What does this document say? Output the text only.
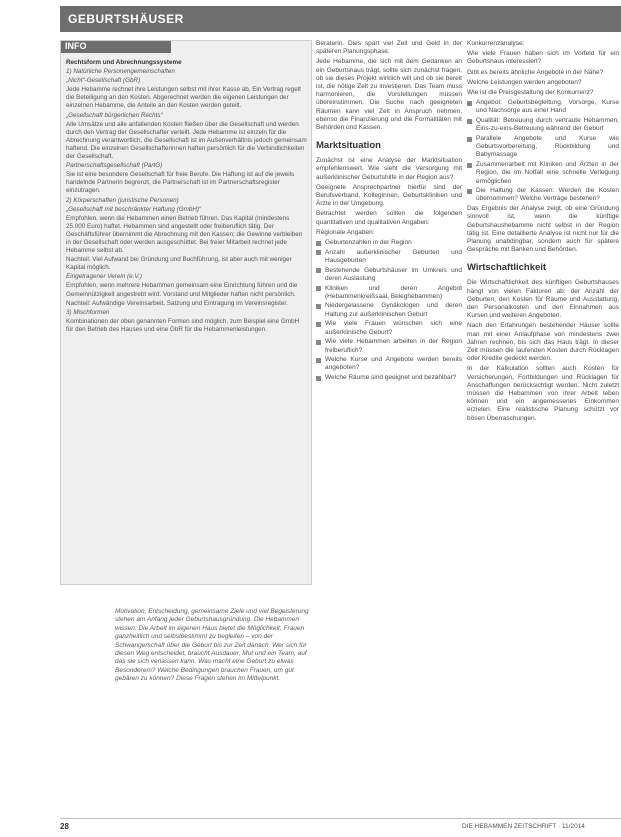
GEBURTSHÄUSER
INFO

Rechtsform und Abrechnungssysteme

1) Natürliche Personengemeinschaften

„Nicht“-Gesellschaft (GbR)

Jede Hebamme rechnet ihre Leistungen selbst mit ihrer Kasse ab. Ein Vertrag regelt die Beteiligung an den Kosten. Abgerechnet werden die eigenen Leistungen der einzelnen Hebamme, die Anteile an den Kosten werden geteilt.

„Gesellschaft bürgerlichen Rechts“

Alle Umsätze und alle anfallenden Kosten fließen über die Gesellschaft und werden durch den Vertrag der Gesellschafter verteilt. Jede Hebamme ist einzeln für die Abrechnung verantwortlich, die Gesellschaft ist im Außenverhältnis jedoch gemeinsam haftend. Die einzelnen Gesellschafterinnen haften persönlich für die Verbindlichkeiten der Gesellschaft.

Partnerschaftsgesellschaft (PartG)

Sie ist eine besondere Gesellschaft für freie Berufe. Die Haftung ist auf die jeweils handelnde Partnerin begrenzt, die Partnerschaft ist im Partnerschaftsregister einzutragen.

2) Körperschaften (juristische Personen)

„Gesellschaft mit beschränkter Haftung (GmbH)“

Empfohlen, wenn die Hebammen einen Betrieb führen. Das Kapital (mindestens 25.000 Euro) haftet. Hebammen sind angestellt oder freiberuflich tätig. Der Geschäftsführer übernimmt die Abrechnung mit den Kassen; die Gewinne verbleiben in der Gesellschaft oder werden ausgeschüttet. Bei freier Mitarbeit rechnet jede Hebamme selbst ab.

Nachteil: Viel Aufwand bei Gründung und Buchführung, ist aber auch mit weniger Kapital möglich.

Eingetragener Verein (e.V.)

Empfohlen, wenn mehrere Hebammen gemeinsam eine Einrichtung führen und die Gemeinnützigkeit angestrebt wird. Vorstand und Mitglieder haften nicht persönlich.

Nachteil: Aufwändige Vereinsarbeit, Satzung und Eintragung im Vereinsregister.

3) Mischformen

Kombinationen der oben genannten Formen sind möglich, zum Beispiel eine GmbH für den Betrieb des Hauses und eine GbR für die Hebammenleistungen.

Beraterin. Dies spart viel Zeit und Geld in der späteren Planungsphase.

Jede Hebamme, die sich mit dem Gedanken an ein Geburtshaus trägt, sollte sich zunächst fragen, ob sie dieses Projekt wirklich will und ob sie bereit ist, die nötige Zeit zu investieren. Das Team muss harmonieren, die Vorstellungen müssen übereinstimmen. Die Suche nach geeigneten Räumen kann viel Zeit in Anspruch nehmen, ebenso die Finanzierung und die Formalitäten mit Behörden und Kassen.

Marktsituation

Zunächst ist eine Analyse der Marktsituation empfehlenswert. Wie sieht die Versorgung mit außerklinischer Geburtshilfe in der Region aus?

Geeignete Ansprechpartner hierfür sind der Berufsverband, Kolleginnen, Geburtskliniken und Ärzte in der Umgebung.

Betrachtet werden sollten die folgenden quantitativen und qualitativen Angaben:

Regionale Angaben:

Geburtenzahlen in der Region
Anzahl außerklinischer Geburten und Hausgeburten
Bestehende Geburtshäuser im Umkreis und deren Auslastung
Kliniken und deren Angebot (Hebammenkreißsaal, Beleghebammen)
Niedergelassene Gynäkologen und deren Haltung zur außerklinischen Geburt
Wie viele Frauen wünschen sich eine außerklinische Geburt?
Wie viele Hebammen arbeiten in der Region freiberuflich?
Welche Kurse und Angebote werden bereits angeboten?
Welche Räume sind geeignet und bezahlbar?

Konkurrenzanalyse:

Wie viele Frauen haben sich im Vorfeld für ein Geburtshaus interessiert?

Gibt es bereits ähnliche Angebote in der Nähe?

Welche Leistungen werden angeboten?

Wie ist die Preisgestaltung der Konkurrenz?

Angebot: Geburtsbegleitung, Vorsorge, Kurse und Nachsorge aus einer Hand
Qualität: Betreuung durch vertraute Hebammen, Eins-zu-eins-Betreuung während der Geburt
Parallele Angebote und Kurse wie Geburtsvorbereitung, Rückbildung und Babymassage
Zusammenarbeit mit Kliniken und Ärzten in der Region, die im Notfall eine schnelle Verlegung ermöglichen
Die Haltung der Kassen: Werden die Kosten übernommen? Welche Verträge bestehen?

Das Ergebnis der Analyse zeigt, ob eine Gründung sinnvoll ist, wenn die künftige Geburtshaushebamme nicht selbst in der Region tätig ist. Eine detaillierte Analyse ist nicht nur für die Planung unabdingbar, sondern auch für spätere Gespräche mit Banken und Behörden.

Wirtschaftlichkeit

Die Wirtschaftlichkeit des künftigen Geburtshauses hängt von vielen Faktoren ab: der Anzahl der Geburten, den Kosten für Räume und Ausstattung, den Personalkosten und den Einnahmen aus Kursen und weiteren Angeboten.

Nach den Erfahrungen bestehender Häuser sollte man mit einer Anlaufphase von mindestens zwei Jahren rechnen, bis sich das Haus trägt. In dieser Zeit müssen die laufenden Kosten durch Rücklagen oder Kredite gedeckt werden.

In der Kalkulation sollten auch Kosten für Versicherungen, Fortbildungen und Rücklagen für Anschaffungen berücksichtigt werden. Nicht zuletzt müssen die Hebammen von ihrer Arbeit leben können und ein angemessenes Einkommen erzielen. Eine realistische Planung schützt vor bösen Überraschungen.

Motivation, Entscheidung, gemeinsame Ziele und viel Begeisterung stehen am Anfang jeder Geburtshausgründung. Die Hebammen wissen: Die Arbeit im eigenen Haus bietet die Möglichkeit, Frauen ganzheitlich und selbstbestimmt zu begleiten – von der Schwangerschaft über die Geburt bis zur Zeit danach. Wer sich für diesen Weg entscheidet, braucht Ausdauer, Mut und ein Team, auf das sie sich verlassen kann. Was macht eine Geburt zu etwas Besonderem? Welche Bedingungen brauchen Frauen, um gut gebären zu können? Diese Fragen stehen im Mittelpunkt.
28	DIE HEBAMMEN ZEITSCHRIFT · 11/2014
